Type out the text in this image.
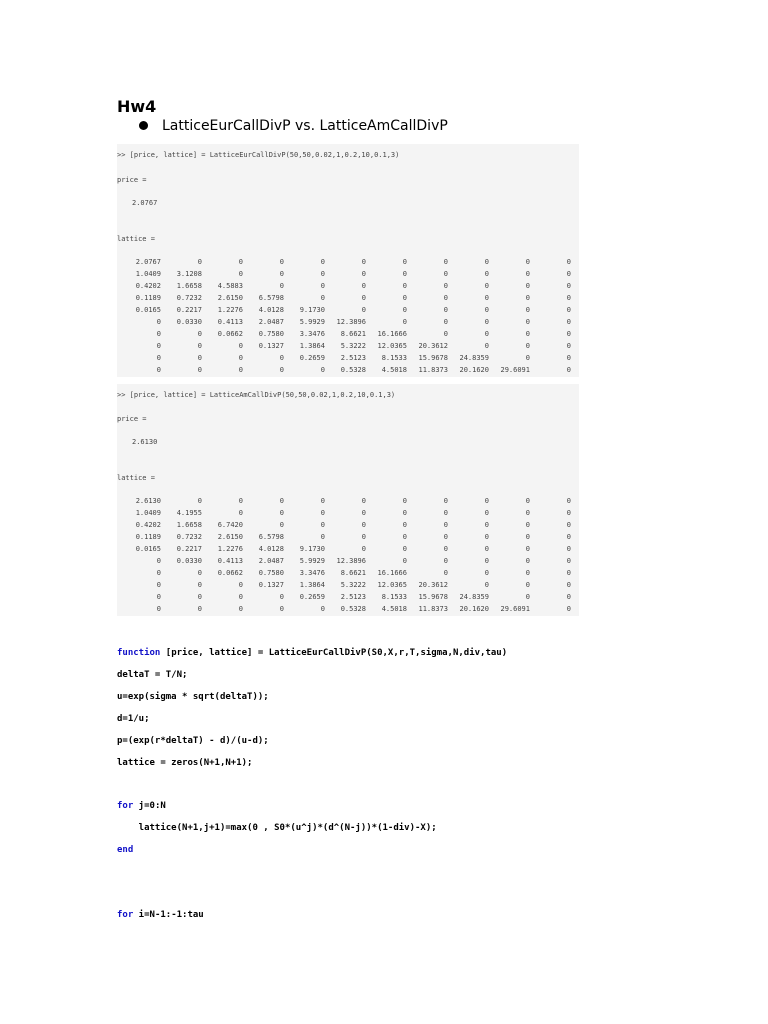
Hw4
LatticeEurCallDivP vs. LatticeAmCallDivP
>> [price, lattice] = LatticeEurCallDivP(50,50,0.02,1,0.2,10,0.1,3)
price =
2.0767
lattice =
2.0767	0	0	0	0	0	0	0	0	0	0
1.0409	3.1208	0	0	0	0	0	0	0	0	0
0.4202	1.6658	4.5883	0	0	0	0	0	0	0	0
0.1189	0.7232	2.6150	6.5798	0	0	0	0	0	0	0
0.0165	0.2217	1.2276	4.0128	9.1730	0	0	0	0	0	0
0	0.0330	0.4113	2.0487	5.9929	12.3896	0	0	0	0	0
0	0	0.0662	0.7580	3.3476	8.6621	16.1666	0	0	0	0
0	0	0	0.1327	1.3864	5.3222	12.0365	20.3612	0	0	0
0	0	0	0	0.2659	2.5123	8.1533	15.9678	24.8359	0	0
0	0	0	0	0	0.5328	4.5018	11.8373	20.1620	29.6091	0
>> [price, lattice] = LatticeAmCallDivP(50,50,0.02,1,0.2,10,0.1,3)
price =
2.6130
lattice =
2.6130	0	0	0	0	0	0	0	0	0	0
1.0409	4.1955	0	0	0	0	0	0	0	0	0
0.4202	1.6658	6.7420	0	0	0	0	0	0	0	0
0.1189	0.7232	2.6150	6.5798	0	0	0	0	0	0	0
0.0165	0.2217	1.2276	4.0128	9.1730	0	0	0	0	0	0
0	0.0330	0.4113	2.0487	5.9929	12.3896	0	0	0	0	0
0	0	0.0662	0.7580	3.3476	8.6621	16.1666	0	0	0	0
0	0	0	0.1327	1.3864	5.3222	12.0365	20.3612	0	0	0
0	0	0	0	0.2659	2.5123	8.1533	15.9678	24.8359	0	0
0	0	0	0	0	0.5328	4.5018	11.8373	20.1620	29.6091	0
function [price, lattice] = LatticeEurCallDivP(S0,X,r,T,sigma,N,div,tau)
deltaT = T/N;
u=exp(sigma * sqrt(deltaT));
d=1/u;
p=(exp(r*deltaT) - d)/(u-d);
lattice = zeros(N+1,N+1);
for j=0:N
lattice(N+1,j+1)=max(0 , S0*(u^j)*(d^(N-j))*(1-div)-X);
end
for i=N-1:-1:tau
